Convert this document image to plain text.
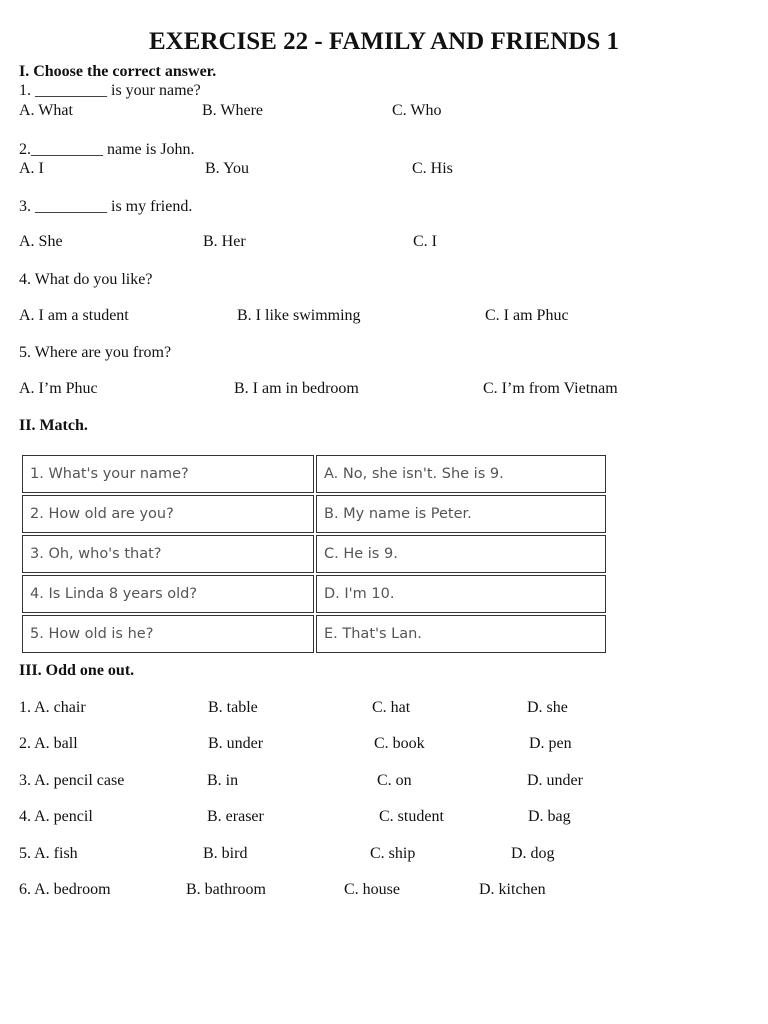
EXERCISE 22 - FAMILY AND FRIENDS 1
I. Choose the correct answer.
1. _________ is your name?
A. What	B. Where	C. Who
2._________ name is John.
A. I	B. You	C. His
3. _________ is my friend.
A. She	B. Her	C. I
4. What do you like?
A. I am a student	B. I like swimming	C. I am Phuc
5. Where are you from?
A. I’m Phuc	B. I am in bedroom	C. I’m from Vietnam
II. Match.
1. What's your name?	A. No, she isn't. She is 9.
2. How old are you?	B. My name is Peter.
3. Oh, who's that?	C. He is 9.
4. Is Linda 8 years old?	D. I'm 10.
5. How old is he?	E. That's Lan.
III. Odd one out.
1. A. chair	B. table	C. hat	D. she
2. A. ball	B. under	C. book	D. pen
3. A. pencil case	B. in	C. on	D. under
4. A. pencil	B. eraser	C. student	D. bag
5. A. fish	B. bird	C. ship	D. dog
6. A. bedroom	B. bathroom	C. house	D. kitchen
